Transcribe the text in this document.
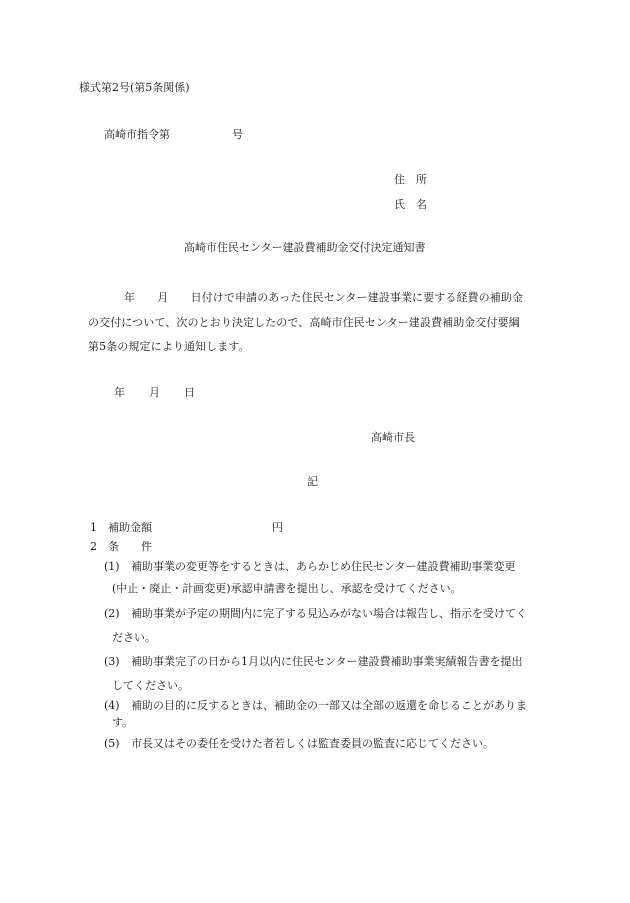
様式第2号(第5条関係)
高崎市指令第	号
住　所
氏　名
高崎市住民センター建設費補助金交付決定通知書
年　　月　　日付けで申請のあった住民センター建設事業に要する経費の補助金
の交付について、次のとおり決定したので、高崎市住民センター建設費補助金交付要綱
第5条の規定により通知します。
年 月 日
高崎市長
記
1 補助金額	円
2 条　　件
(1) 補助事業の変更等をするときは、あらかじめ住民センター建設費補助事業変更
(中止・廃止・計画変更)承認申請書を提出し、承認を受けてください。
(2) 補助事業が予定の期間内に完了する見込みがない場合は報告し、指示を受けてく
ださい。
(3) 補助事業完了の日から1月以内に住民センター建設費補助事業実績報告書を提出
してください。
(4) 補助の目的に反するときは、補助金の一部又は全部の返還を命じることがありま
す。
(5) 市長又はその委任を受けた者若しくは監査委員の監査に応じてください。
